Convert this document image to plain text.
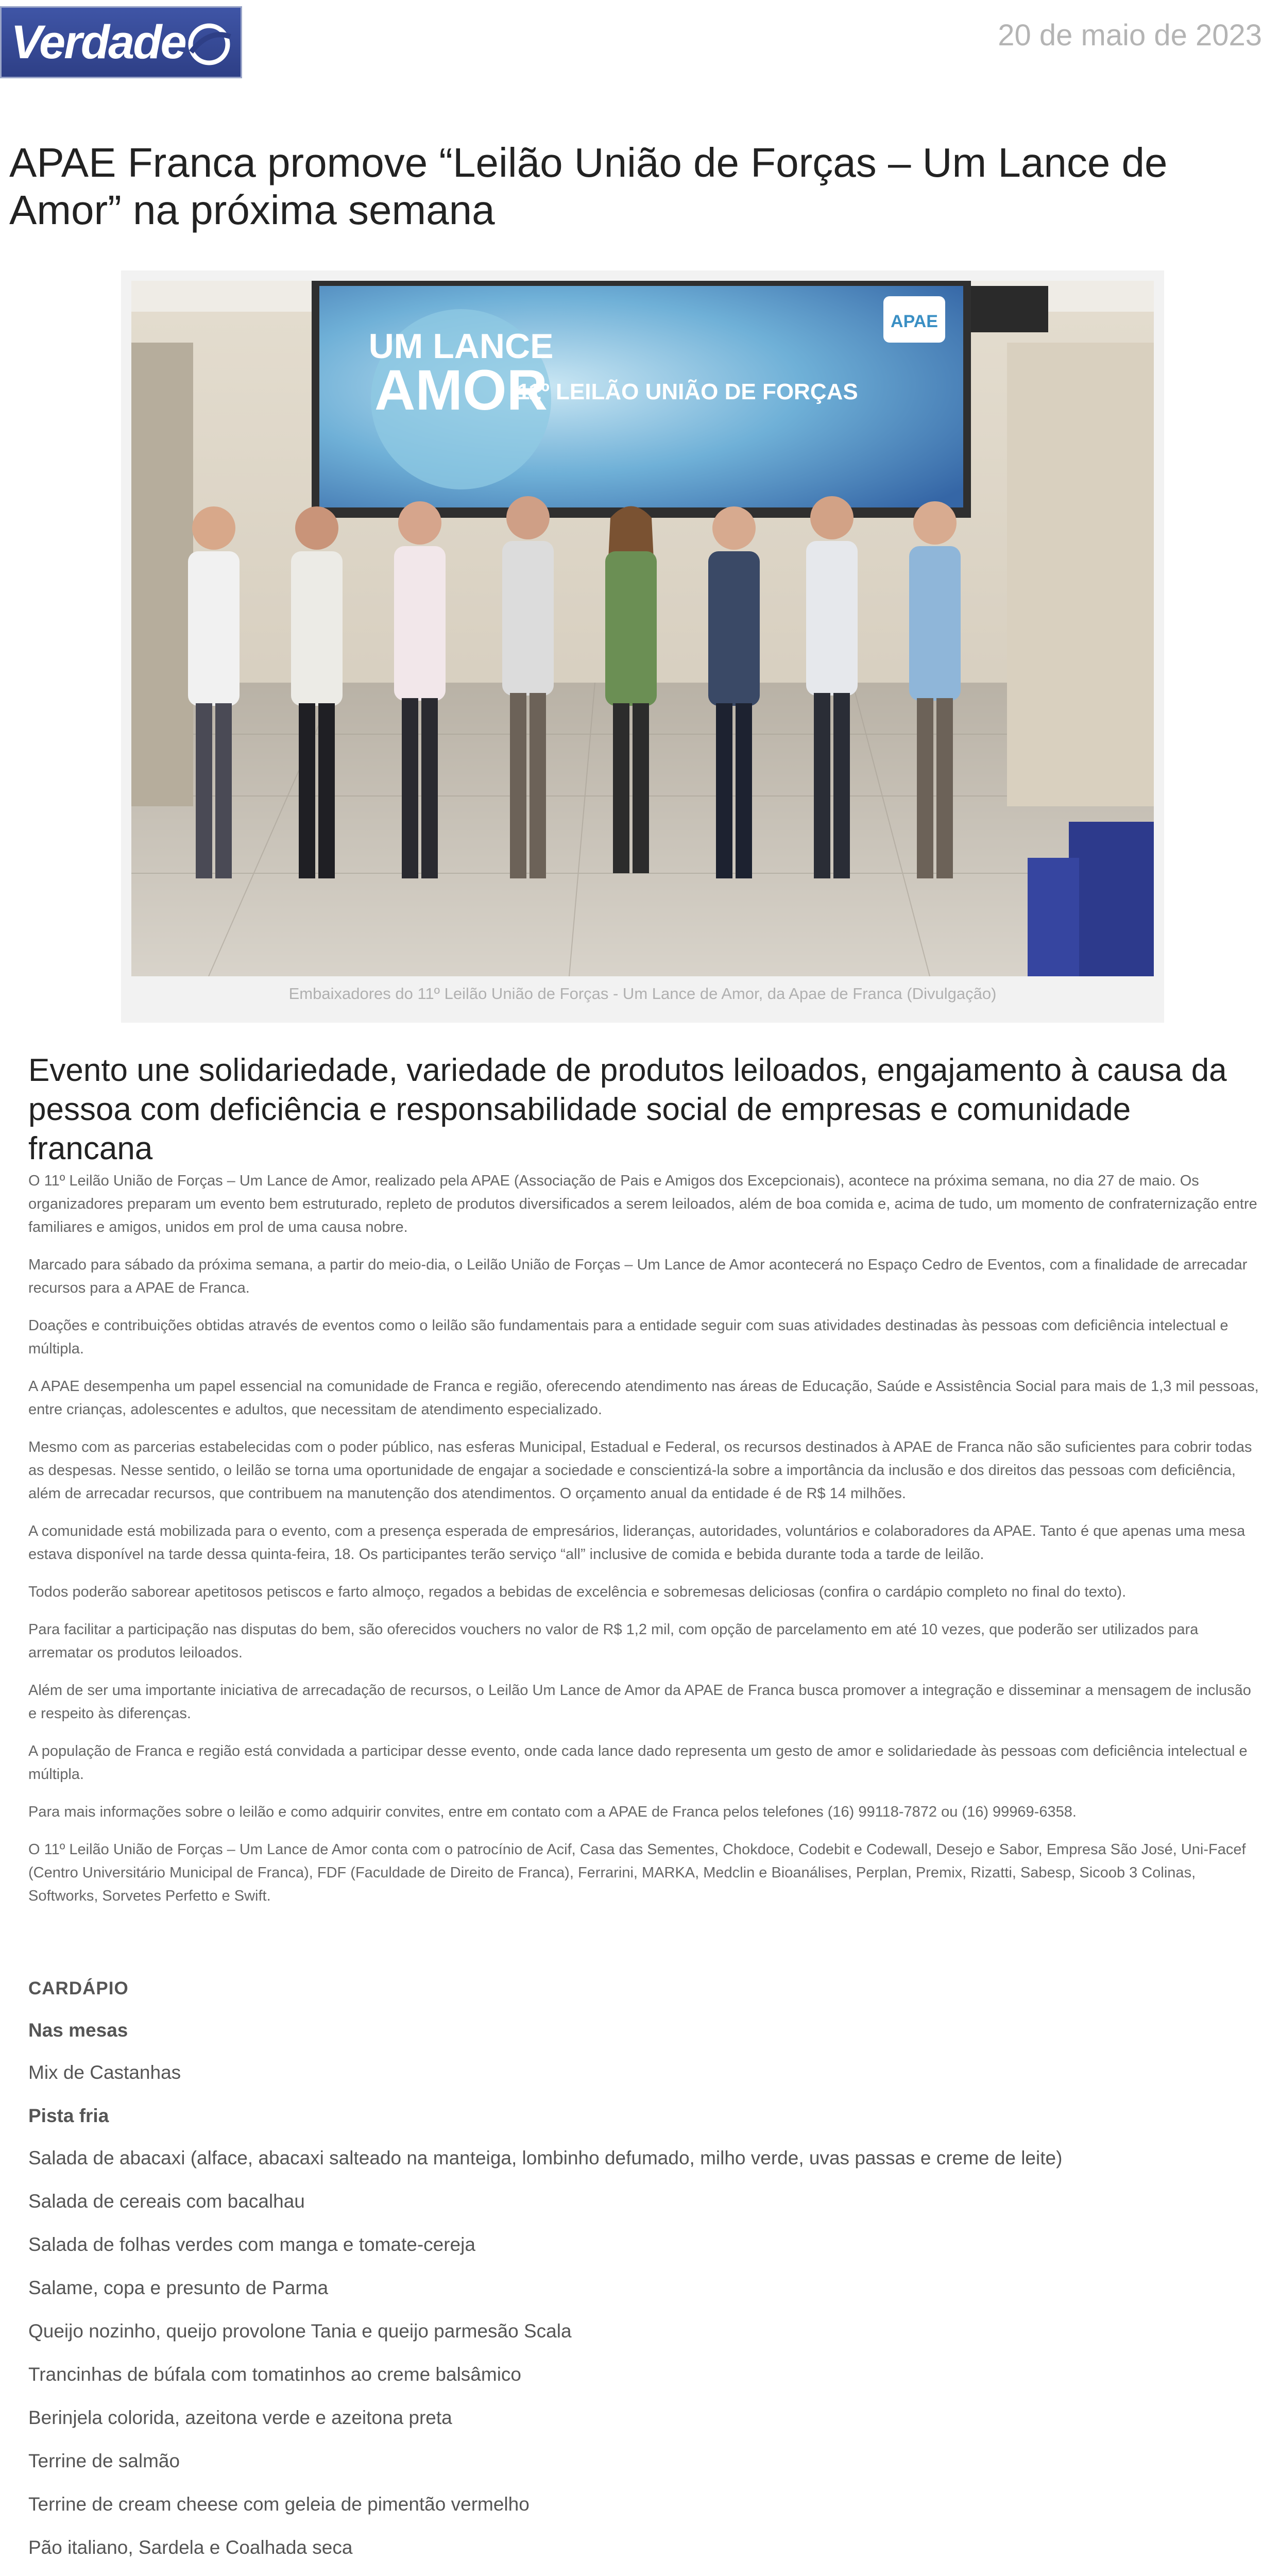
Verdade	20 de maio de 2023
APAE Franca promove “Leilão União de Forças – Um Lance de Amor” na próxima semana
UM LANCE
AMOR
11º LEILÃO UNIÃO DE FORÇAS
APAE
Embaixadores do 11º Leilão União de Forças - Um Lance de Amor, da Apae de Franca (Divulgação)
Evento une solidariedade, variedade de produtos leiloados, engajamento à causa da pessoa com deficiência e responsabilidade social de empresas e comunidade francana

O 11º Leilão União de Forças – Um Lance de Amor, realizado pela APAE (Associação de Pais e Amigos dos Excepcionais), acontece na próxima semana, no dia 27 de maio. Os organizadores preparam um evento bem estruturado, repleto de produtos diversificados a serem leiloados, além de boa comida e, acima de tudo, um momento de confraternização entre familiares e amigos, unidos em prol de uma causa nobre.

Marcado para sábado da próxima semana, a partir do meio-dia, o Leilão União de Forças – Um Lance de Amor acontecerá no Espaço Cedro de Eventos, com a finalidade de arrecadar recursos para a APAE de Franca.

Doações e contribuições obtidas através de eventos como o leilão são fundamentais para a entidade seguir com suas atividades destinadas às pessoas com deficiência intelectual e múltipla.

A APAE desempenha um papel essencial na comunidade de Franca e região, oferecendo atendimento nas áreas de Educação, Saúde e Assistência Social para mais de 1,3 mil pessoas, entre crianças, adolescentes e adultos, que necessitam de atendimento especializado.

Mesmo com as parcerias estabelecidas com o poder público, nas esferas Municipal, Estadual e Federal, os recursos destinados à APAE de Franca não são suficientes para cobrir todas as despesas. Nesse sentido, o leilão se torna uma oportunidade de engajar a sociedade e conscientizá-la sobre a importância da inclusão e dos direitos das pessoas com deficiência, além de arrecadar recursos, que contribuem na manutenção dos atendimentos. O orçamento anual da entidade é de R$ 14 milhões.

A comunidade está mobilizada para o evento, com a presença esperada de empresários, lideranças, autoridades, voluntários e colaboradores da APAE. Tanto é que apenas uma mesa estava disponível na tarde dessa quinta-feira, 18. Os participantes terão serviço “all” inclusive de comida e bebida durante toda a tarde de leilão.

Todos poderão saborear apetitosos petiscos e farto almoço, regados a bebidas de excelência e sobremesas deliciosas (confira o cardápio completo no final do texto).

Para facilitar a participação nas disputas do bem, são oferecidos vouchers no valor de R$ 1,2 mil, com opção de parcelamento em até 10 vezes, que poderão ser utilizados para arrematar os produtos leiloados.

Além de ser uma importante iniciativa de arrecadação de recursos, o Leilão Um Lance de Amor da APAE de Franca busca promover a integração e disseminar a mensagem de inclusão e respeito às diferenças.

A população de Franca e região está convidada a participar desse evento, onde cada lance dado representa um gesto de amor e solidariedade às pessoas com deficiência intelectual e múltipla.

Para mais informações sobre o leilão e como adquirir convites, entre em contato com a APAE de Franca pelos telefones (16) 99118-7872 ou (16) 99969-6358.

O 11º Leilão União de Forças – Um Lance de Amor conta com o patrocínio de Acif, Casa das Sementes, Chokdoce, Codebit e Codewall, Desejo e Sabor, Empresa São José, Uni-Facef (Centro Universitário Municipal de Franca), FDF (Faculdade de Direito de Franca), Ferrarini, MARKA, Medclin e Bioanálises, Perplan, Premix, Rizatti, Sabesp, Sicoob 3 Colinas, Softworks, Sorvetes Perfetto e Swift.

CARDÁPIO
Nas mesas
Mix de Castanhas
Pista fria
Salada de abacaxi (alface, abacaxi salteado na manteiga, lombinho defumado, milho verde, uvas passas e creme de leite)
Salada de cereais com bacalhau
Salada de folhas verdes com manga e tomate-cereja
Salame, copa e presunto de Parma
Queijo nozinho, queijo provolone Tania e queijo parmesão Scala
Trancinhas de búfala com tomatinhos ao creme balsâmico
Berinjela colorida, azeitona verde e azeitona preta
Terrine de salmão
Terrine de cream cheese com geleia de pimentão vermelho
Pão italiano, Sardela e Coalhada seca
